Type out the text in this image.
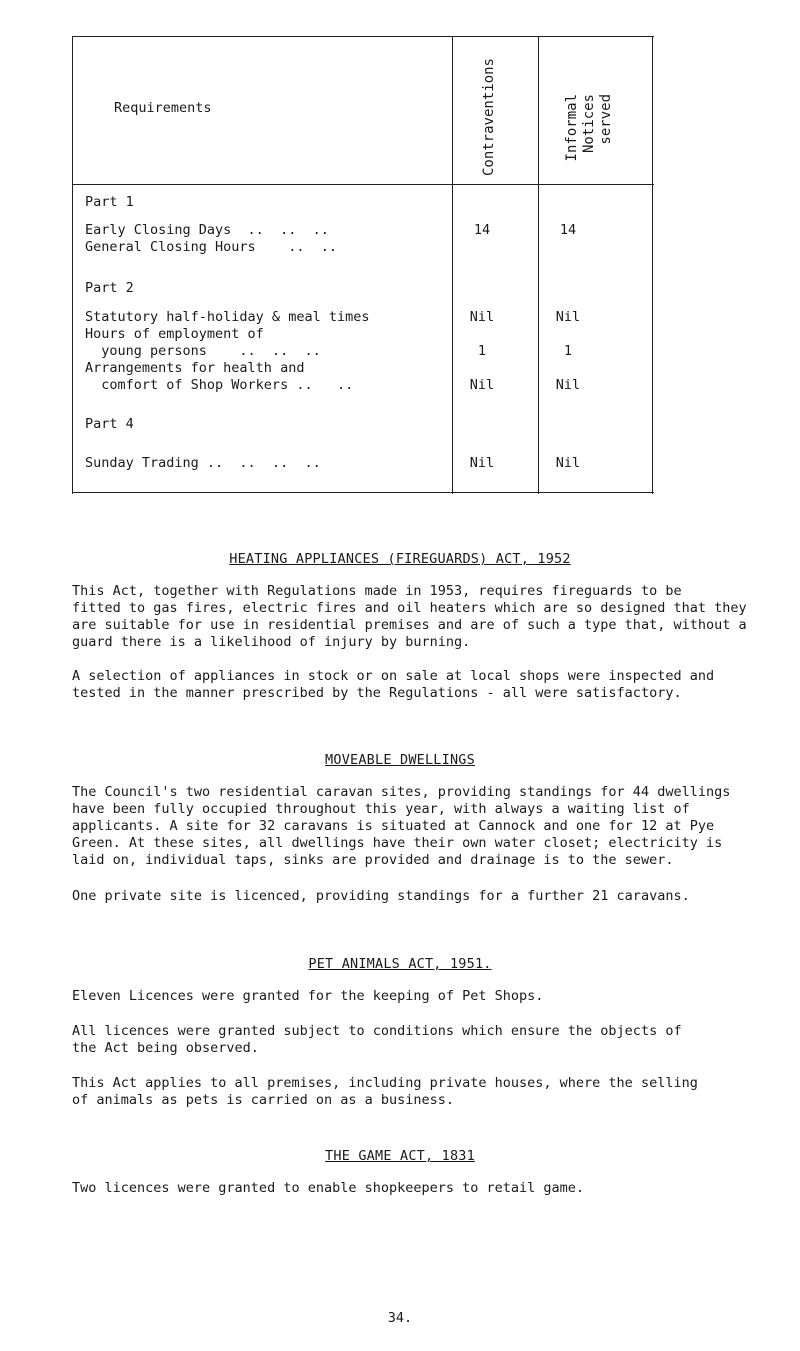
Requirements	Contraventions	Informal Notices served
Part 1
Early Closing Days  ..  ..  ..	14	14
General Closing Hours    ..  ..
Part 2
Statutory half-holiday & meal times	Nil	Nil
Hours of employment of
young persons    ..  ..  ..	1	1
Arrangements for health and
comfort of Shop Workers ..   ..	Nil	Nil
Part 4
Sunday Trading ..  ..  ..  ..	Nil	Nil
HEATING APPLIANCES (FIREGUARDS) ACT, 1952
This Act, together with Regulations made in 1953, requires fireguards to be
fitted to gas fires, electric fires and oil heaters which are so designed that they
are suitable for use in residential premises and are of such a type that, without a
guard there is a likelihood of injury by burning.
A selection of appliances in stock or on sale at local shops were inspected and
tested in the manner prescribed by the Regulations - all were satisfactory.
MOVEABLE DWELLINGS
The Council's two residential caravan sites, providing standings for 44 dwellings
have been fully occupied throughout this year, with always a waiting list of
applicants. A site for 32 caravans is situated at Cannock and one for 12 at Pye
Green. At these sites, all dwellings have their own water closet; electricity is
laid on, individual taps, sinks are provided and drainage is to the sewer.
One private site is licenced, providing standings for a further 21 caravans.
PET ANIMALS ACT, 1951.
Eleven Licences were granted for the keeping of Pet Shops.
All licences were granted subject to conditions which ensure the objects of
the Act being observed.
This Act applies to all premises, including private houses, where the selling
of animals as pets is carried on as a business.
THE GAME ACT, 1831
Two licences were granted to enable shopkeepers to retail game.
34.
